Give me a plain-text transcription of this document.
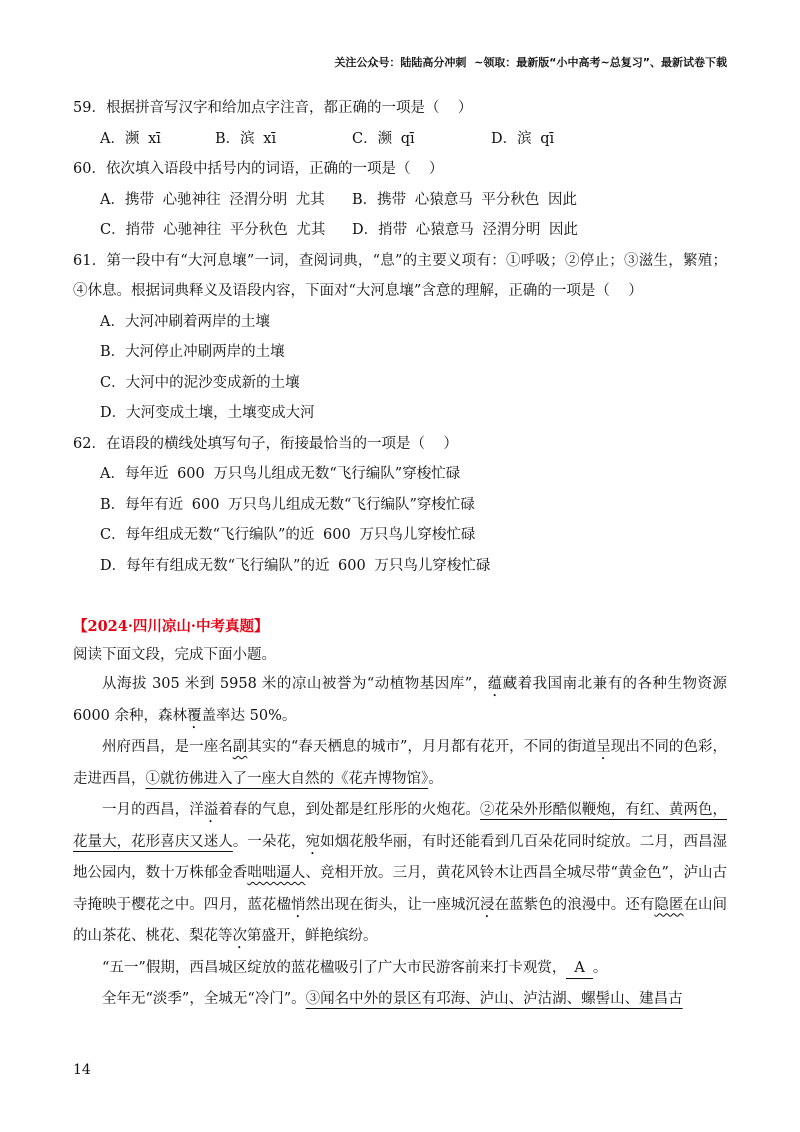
关注公众号：陆陆高分冲刺  ~领取：最新版“小中高考~总复习”、最新试卷下载
59．根据拼音写汉字和给加点字注音，都正确的一项是（    ）
A．濒 xī	B．滨 xī	C．濒 qī	D．滨 qī
60．依次填入语段中括号内的词语，正确的一项是（    ）
A．携带 心驰神往 泾渭分明 尤其	B．携带 心猿意马 平分秋色 因此
C．捎带 心驰神往 平分秋色 尤其	D．捎带 心猿意马 泾渭分明 因此
61．第一段中有“大河息壤”一词，查阅词典，“息”的主要义项有：①呼吸；②停止；③滋生，繁殖；④休息。根据词典释义及语段内容，下面对“大河息壤”含意的理解，正确的一项是（    ）
A．大河冲刷着两岸的土壤
B．大河停止冲刷两岸的土壤
C．大河中的泥沙变成新的土壤
D．大河变成土壤，土壤变成大河
62．在语段的横线处填写句子，衔接最恰当的一项是（    ）
A．每年近 600 万只鸟儿组成无数“飞行编队”穿梭忙碌
B．每年有近 600 万只鸟儿组成无数“飞行编队”穿梭忙碌
C．每年组成无数“飞行编队”的近 600 万只鸟儿穿梭忙碌
D．每年有组成无数“飞行编队”的近 600 万只鸟儿穿梭忙碌
【2024·四川凉山·中考真题】
阅读下面文段，完成下面小题。

从海拔 305 米到 5958 米的凉山被誉为“动植物基因库”，蕴藏着我国南北兼有的各种生物资源 6000 余种，森林覆盖率达 50%。

州府西昌，是一座名副其实的“春天栖息的城市”，月月都有花开，不同的街道呈现出不同的色彩，走进西昌，①就彷佛进入了一座大自然的《花卉博物馆》。

一月的西昌，洋溢着春的气息，到处都是红彤彤的火炮花。②花朵外形酷似鞭炮，有红、黄两色，花量大，花形喜庆又迷人。一朵花，宛如烟花般华丽，有时还能看到几百朵花同时绽放。二月，西昌湿地公园内，数十万株郁金香咄咄逼人、竞相开放。三月，黄花风铃木让西昌全城尽带“黄金色”，泸山古寺掩映于樱花之中。四月，蓝花楹悄然出现在街头，让一座城沉浸在蓝紫色的浪漫中。还有隐匿在山间的山茶花、桃花、梨花等次第盛开，鲜艳缤纷。

“五一”假期，西昌城区绽放的蓝花楹吸引了广大市民游客前来打卡观赏， A 。

全年无“淡季”，全城无“冷门”。③闻名中外的景区有邛海、泸山、泸沽湖、螺髻山、建昌古

14
